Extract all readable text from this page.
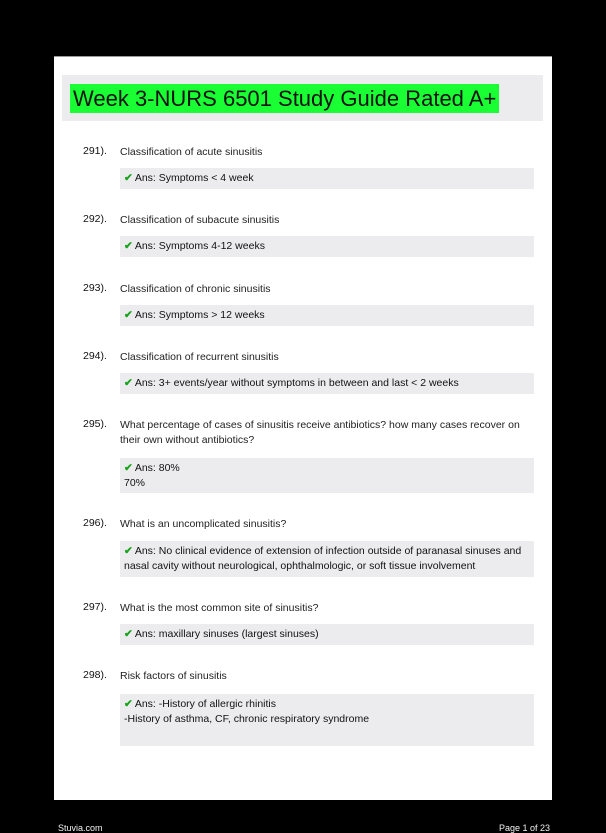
Week 3-NURS 6501 Study Guide Rated A+
291). Classification of acute sinusitis
✔ Ans: Symptoms < 4 week
292). Classification of subacute sinusitis
✔ Ans: Symptoms 4-12 weeks
293). Classification of chronic sinusitis
✔ Ans: Symptoms > 12 weeks
294). Classification of recurrent sinusitis
✔ Ans: 3+ events/year without symptoms in between and last < 2 weeks
295). What percentage of cases of sinusitis receive antibiotics? how many cases recover on their own without antibiotics?
✔ Ans: 80%
70%
296). What is an uncomplicated sinusitis?
✔ Ans: No clinical evidence of extension of infection outside of paranasal sinuses and nasal cavity without neurological, ophthalmologic, or soft tissue involvement
297). What is the most common site of sinusitis?
✔ Ans: maxillary sinuses (largest sinuses)
298). Risk factors of sinusitis
✔ Ans: -History of allergic rhinitis
-History of asthma, CF, chronic respiratory syndrome
Stuvia.com	Page 1 of 23
